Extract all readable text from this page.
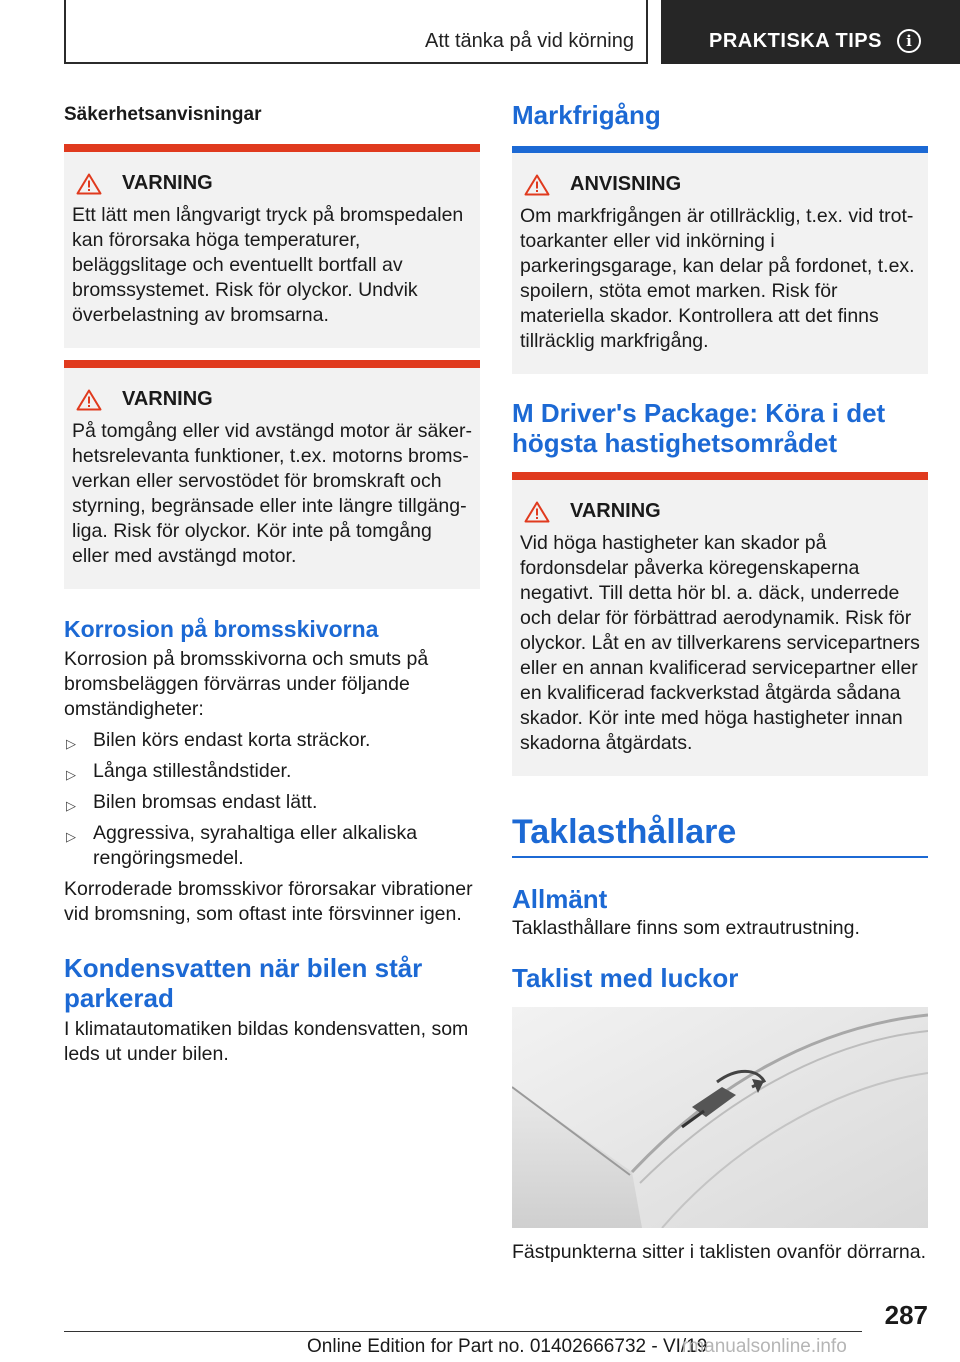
Att tänka på vid körning	PRAKTISKA TIPS	i
Säkerhetsanvisningar
VARNING
Ett lätt men långvarigt tryck på bromspedalen kan förorsaka höga temperaturer, beläggslitage och eventuellt bortfall av bromssystemet. Risk för olyckor. Undvik överbelastning av bromsarna.
VARNING
På tomgång eller vid avstängd motor är säkerhetsrelevanta funktioner, t.ex. motorns bromsverkan eller servostödet för bromskraft och styrning, begränsade eller inte längre tillgängliga. Risk för olyckor. Kör inte på tomgång eller med avstängd motor.
Korrosion på bromsskivorna
Korrosion på bromsskivorna och smuts på bromsbeläggen förvärras under följande omständigheter:
▷ Bilen körs endast korta sträckor.
▷ Långa stilleståndstider.
▷ Bilen bromsas endast lätt.
▷ Aggressiva, syrahaltiga eller alkaliska rengöringsmedel.
Korroderade bromsskivor förorsakar vibrationer vid bromsning, som oftast inte försvinner igen.
Kondensvatten när bilen står parkerad
I klimatautomatiken bildas kondensvatten, som leds ut under bilen.
Markfrigång
ANVISNING
Om markfrigången är otillräcklig, t.ex. vid trottoarkanter eller vid inkörning i parkeringsgarage, kan delar på fordonet, t.ex. spoilern, stöta emot marken. Risk för materiella skador. Kontrollera att det finns tillräcklig markfrigång.
M Driver's Package: Köra i det högsta hastighetsområdet
VARNING
Vid höga hastigheter kan skador på fordonsdelar påverka köregenskaperna negativt. Till detta hör bl. a. däck, underrede och delar för förbättrad aerodynamik. Risk för olyckor. Låt en av tillverkarens servicepartners eller en annan kvalificerad servicepartner eller en kvalificerad fackverkstad åtgärda sådana skador. Kör inte med höga hastigheter innan skadorna åtgärdats.
Taklasthållare
Allmänt
Taklasthållare finns som extrautrustning.
Taklist med luckor
Fästpunkterna sitter i taklisten ovanför dörrarna.
287
Online Edition for Part no. 01402666732 - VI/19
rmanualsonline.info
